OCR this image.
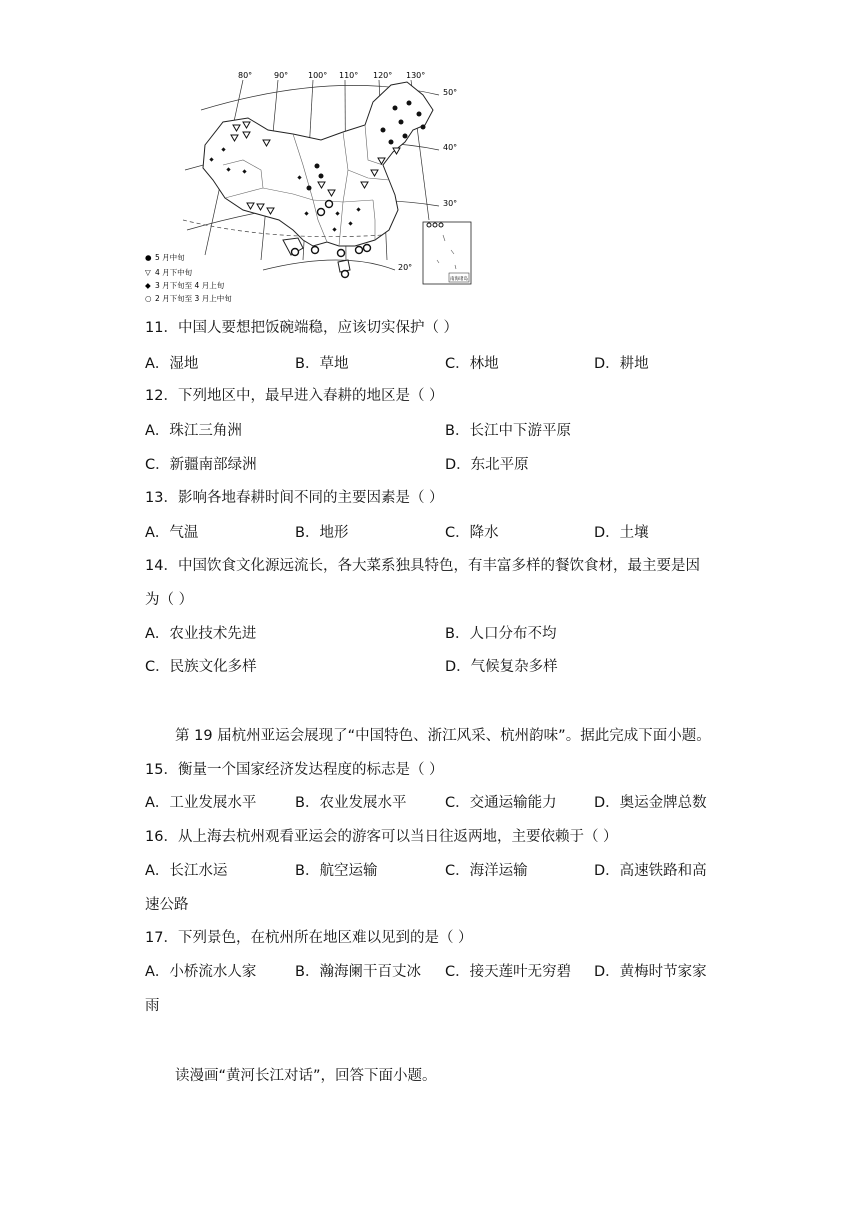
80°	90° 100° 110° 120° 130°
50°
40°
30°
20°
南海诸岛
● 5 月中旬
▽ 4 月下中旬
◆ 3 月下旬至 4 月上旬
○ 2 月下旬至 3 月上中旬
11．中国人要想把饭碗端稳，应该切实保护（ ）
A．湿地	B．草地	C．林地	D．耕地
12．下列地区中，最早进入春耕的地区是（ ）
A．珠江三角洲	B．长江中下游平原
C．新疆南部绿洲	D．东北平原
13．影响各地春耕时间不同的主要因素是（ ）
A．气温	B．地形	C．降水	D．土壤
14．中国饮食文化源远流长，各大菜系独具特色，有丰富多样的餐饮食材，最主要是因
为（ ）
A．农业技术先进	B．人口分布不均
C．民族文化多样	D．气候复杂多样
第 19 届杭州亚运会展现了“中国特色、浙江风采、杭州韵味”。据此完成下面小题。
15．衡量一个国家经济发达程度的标志是（ ）
A．工业发展水平	B．农业发展水平	C．交通运输能力	D．奥运金牌总数
16．从上海去杭州观看亚运会的游客可以当日往返两地，主要依赖于（ ）
A．长江水运	B．航空运输	C．海洋运输	D．高速铁路和高
速公路
17．下列景色，在杭州所在地区难以见到的是（ ）
A．小桥流水人家	B．瀚海阑干百丈冰 C．接天莲叶无穷碧 D．黄梅时节家家
雨
读漫画“黄河长江对话”，回答下面小题。
